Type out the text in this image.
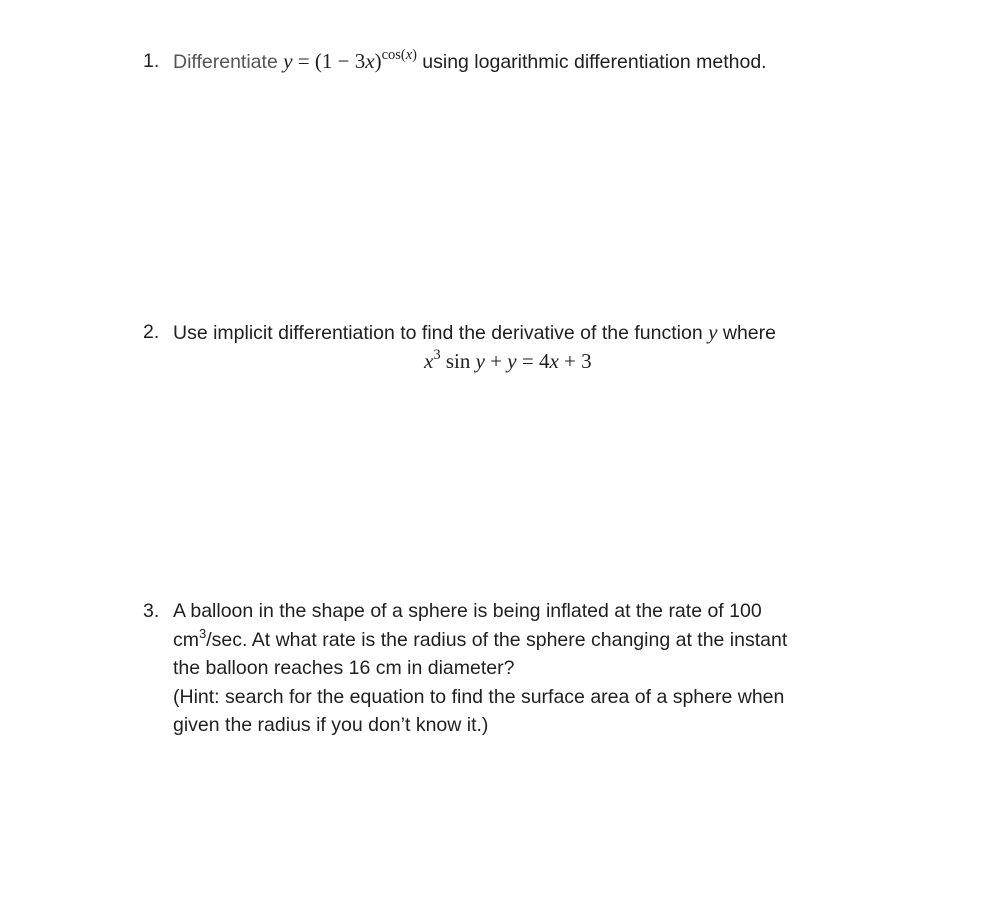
1. Differentiate $y = (1 - 3x)^{cos(x)}$ using logarithmic differentiation method.
2. Use implicit differentiation to find the derivative of the function y where
$x^3$ sin y + y = 4x + 3
3. A balloon in the shape of a sphere is being inflated at the rate of 100
$cm^3/\sec$. At what rate is the radius of the sphere changing at the instant
the balloon reaches 16 cm in diameter?
(Hint: search for the equation to find the surface area of a sphere when
given the radius if you don’t know it.)
